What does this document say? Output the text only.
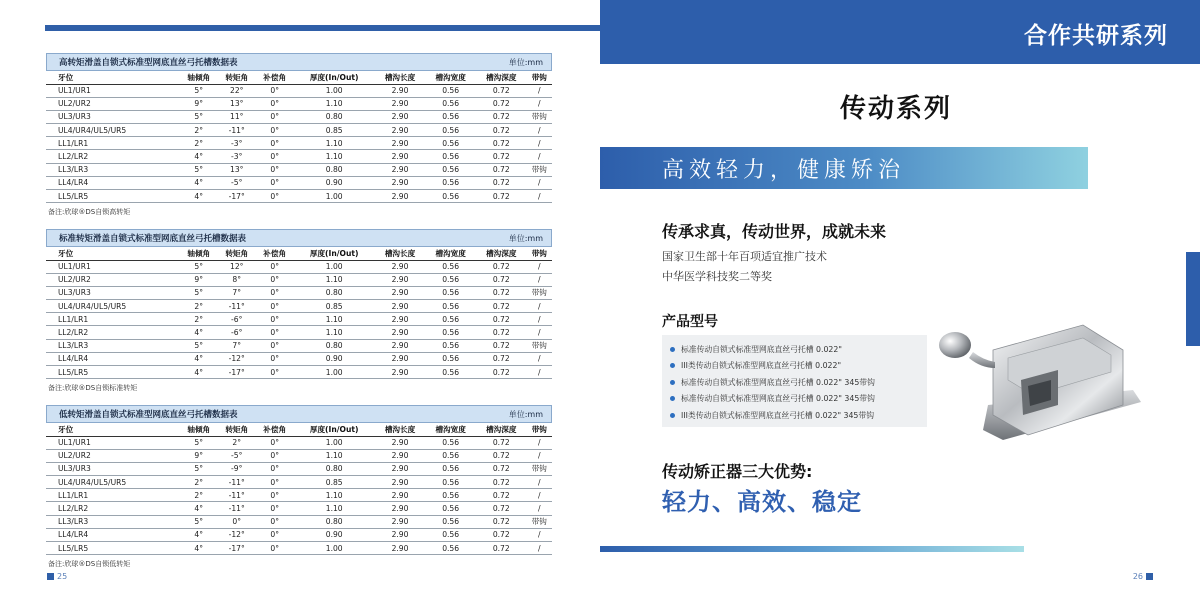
高转矩滑盖自锁式标准型网底直丝弓托槽数据表	单位:mm
牙位	轴倾角	转矩角	补偿角	厚度(In/Out)	槽沟长度	槽沟宽度	槽沟深度	带钩
UL1/UR1	5°	22°	0°	1.00	2.90	0.56	0.72	/
UL2/UR2	9°	13°	0°	1.10	2.90	0.56	0.72	/
UL3/UR3	5°	11°	0°	0.80	2.90	0.56	0.72	带钩
UL4/UR4/UL5/UR5	2°	-11°	0°	0.85	2.90	0.56	0.72	/
LL1/LR1	2°	-3°	0°	1.10	2.90	0.56	0.72	/
LL2/LR2	4°	-3°	0°	1.10	2.90	0.56	0.72	/
LL3/LR3	5°	13°	0°	0.80	2.90	0.56	0.72	带钩
LL4/LR4	4°	-5°	0°	0.90	2.90	0.56	0.72	/
LL5/LR5	4°	-17°	0°	1.00	2.90	0.56	0.72	/
备注:欣球®DS自锁高转矩
标准转矩滑盖自锁式标准型网底直丝弓托槽数据表	单位:mm
牙位	轴倾角	转矩角	补偿角	厚度(In/Out)	槽沟长度	槽沟宽度	槽沟深度	带钩
UL1/UR1	5°	12°	0°	1.00	2.90	0.56	0.72	/
UL2/UR2	9°	8°	0°	1.10	2.90	0.56	0.72	/
UL3/UR3	5°	7°	0°	0.80	2.90	0.56	0.72	带钩
UL4/UR4/UL5/UR5	2°	-11°	0°	0.85	2.90	0.56	0.72	/
LL1/LR1	2°	-6°	0°	1.10	2.90	0.56	0.72	/
LL2/LR2	4°	-6°	0°	1.10	2.90	0.56	0.72	/
LL3/LR3	5°	7°	0°	0.80	2.90	0.56	0.72	带钩
LL4/LR4	4°	-12°	0°	0.90	2.90	0.56	0.72	/
LL5/LR5	4°	-17°	0°	1.00	2.90	0.56	0.72	/
备注:欣球®DS自锁标准转矩
低转矩滑盖自锁式标准型网底直丝弓托槽数据表	单位:mm
牙位	轴倾角	转矩角	补偿角	厚度(In/Out)	槽沟长度	槽沟宽度	槽沟深度	带钩
UL1/UR1	5°	2°	0°	1.00	2.90	0.56	0.72	/
UL2/UR2	9°	-5°	0°	1.10	2.90	0.56	0.72	/
UL3/UR3	5°	-9°	0°	0.80	2.90	0.56	0.72	带钩
UL4/UR4/UL5/UR5	2°	-11°	0°	0.85	2.90	0.56	0.72	/
LL1/LR1	2°	-11°	0°	1.10	2.90	0.56	0.72	/
LL2/LR2	4°	-11°	0°	1.10	2.90	0.56	0.72	/
LL3/LR3	5°	0°	0°	0.80	2.90	0.56	0.72	带钩
LL4/LR4	4°	-12°	0°	0.90	2.90	0.56	0.72	/
LL5/LR5	4°	-17°	0°	1.00	2.90	0.56	0.72	/
备注:欣球®DS自锁低转矩
25
合作共研系列
传动系列
高效轻力，健康矫治
传承求真，传动世界，成就未来
国家卫生部十年百项适宜推广技术
中华医学科技奖二等奖
产品型号
标准传动自锁式标准型网底直丝弓托槽 0.022"
III类传动自锁式标准型网底直丝弓托槽 0.022"
标准传动自锁式标准型网底直丝弓托槽 0.022" 345带钩
标准传动自锁式标准型网底直丝弓托槽 0.022" 345带钩
III类传动自锁式标准型网底直丝弓托槽 0.022" 345带钩
传动矫正器三大优势:
轻力、高效、稳定
26
